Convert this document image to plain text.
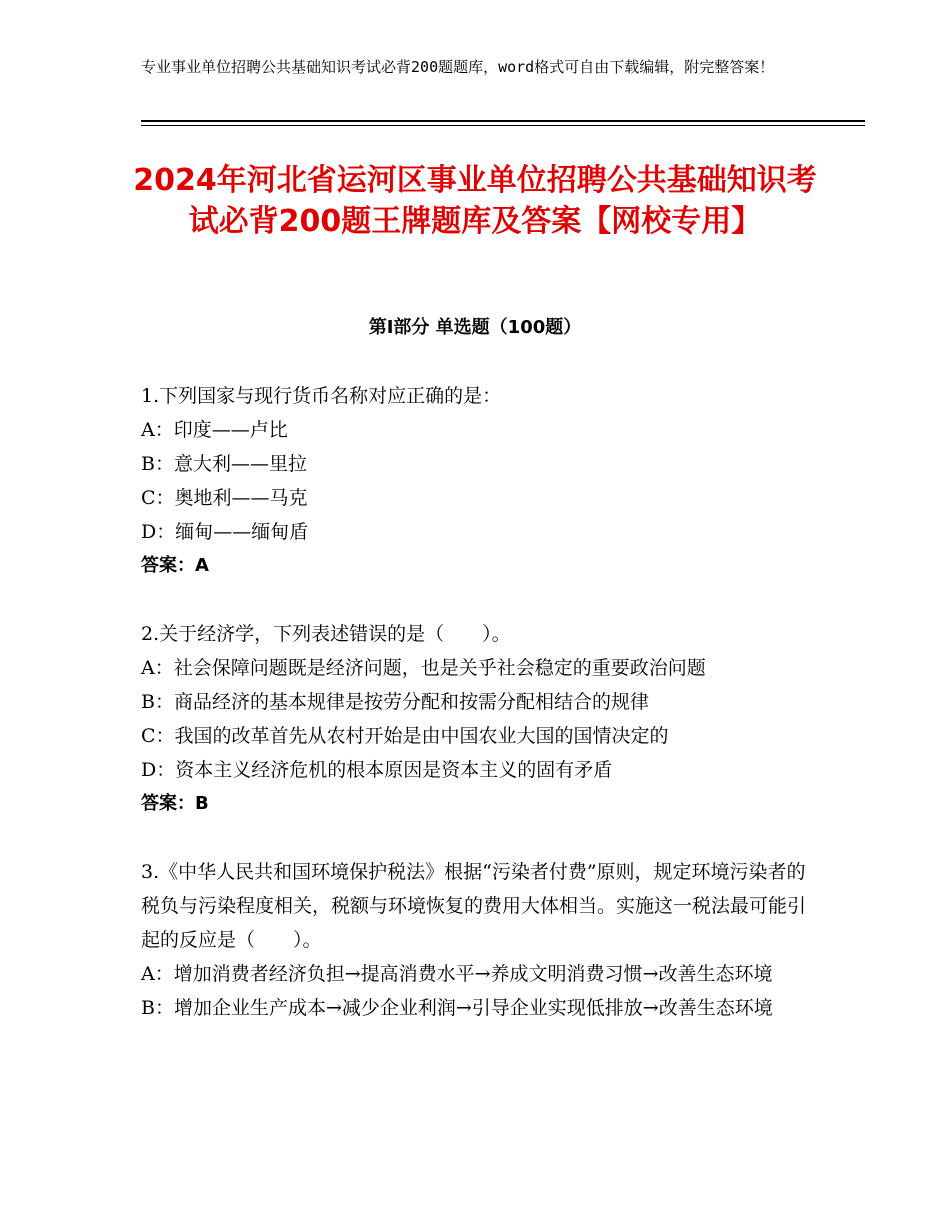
专业事业单位招聘公共基础知识考试必背200题题库，word格式可自由下载编辑，附完整答案！
2024年河北省运河区事业单位招聘公共基础知识考试必背200题王牌题库及答案【网校专用】
第Ⅰ部分 单选题（100题）
1.下列国家与现行货币名称对应正确的是：
A：印度——卢比
B：意大利——里拉
C：奥地利——马克
D：缅甸——缅甸盾
答案：A
2.关于经济学，下列表述错误的是（　　）。
A：社会保障问题既是经济问题，也是关乎社会稳定的重要政治问题
B：商品经济的基本规律是按劳分配和按需分配相结合的规律
C：我国的改革首先从农村开始是由中国农业大国的国情决定的
D：资本主义经济危机的根本原因是资本主义的固有矛盾
答案：B
3.《中华人民共和国环境保护税法》根据“污染者付费”原则，规定环境污染者的税负与污染程度相关，税额与环境恢复的费用大体相当。实施这一税法最可能引起的反应是（　　）。
A：增加消费者经济负担→提高消费水平→养成文明消费习惯→改善生态环境
B：增加企业生产成本→减少企业利润→引导企业实现低排放→改善生态环境
